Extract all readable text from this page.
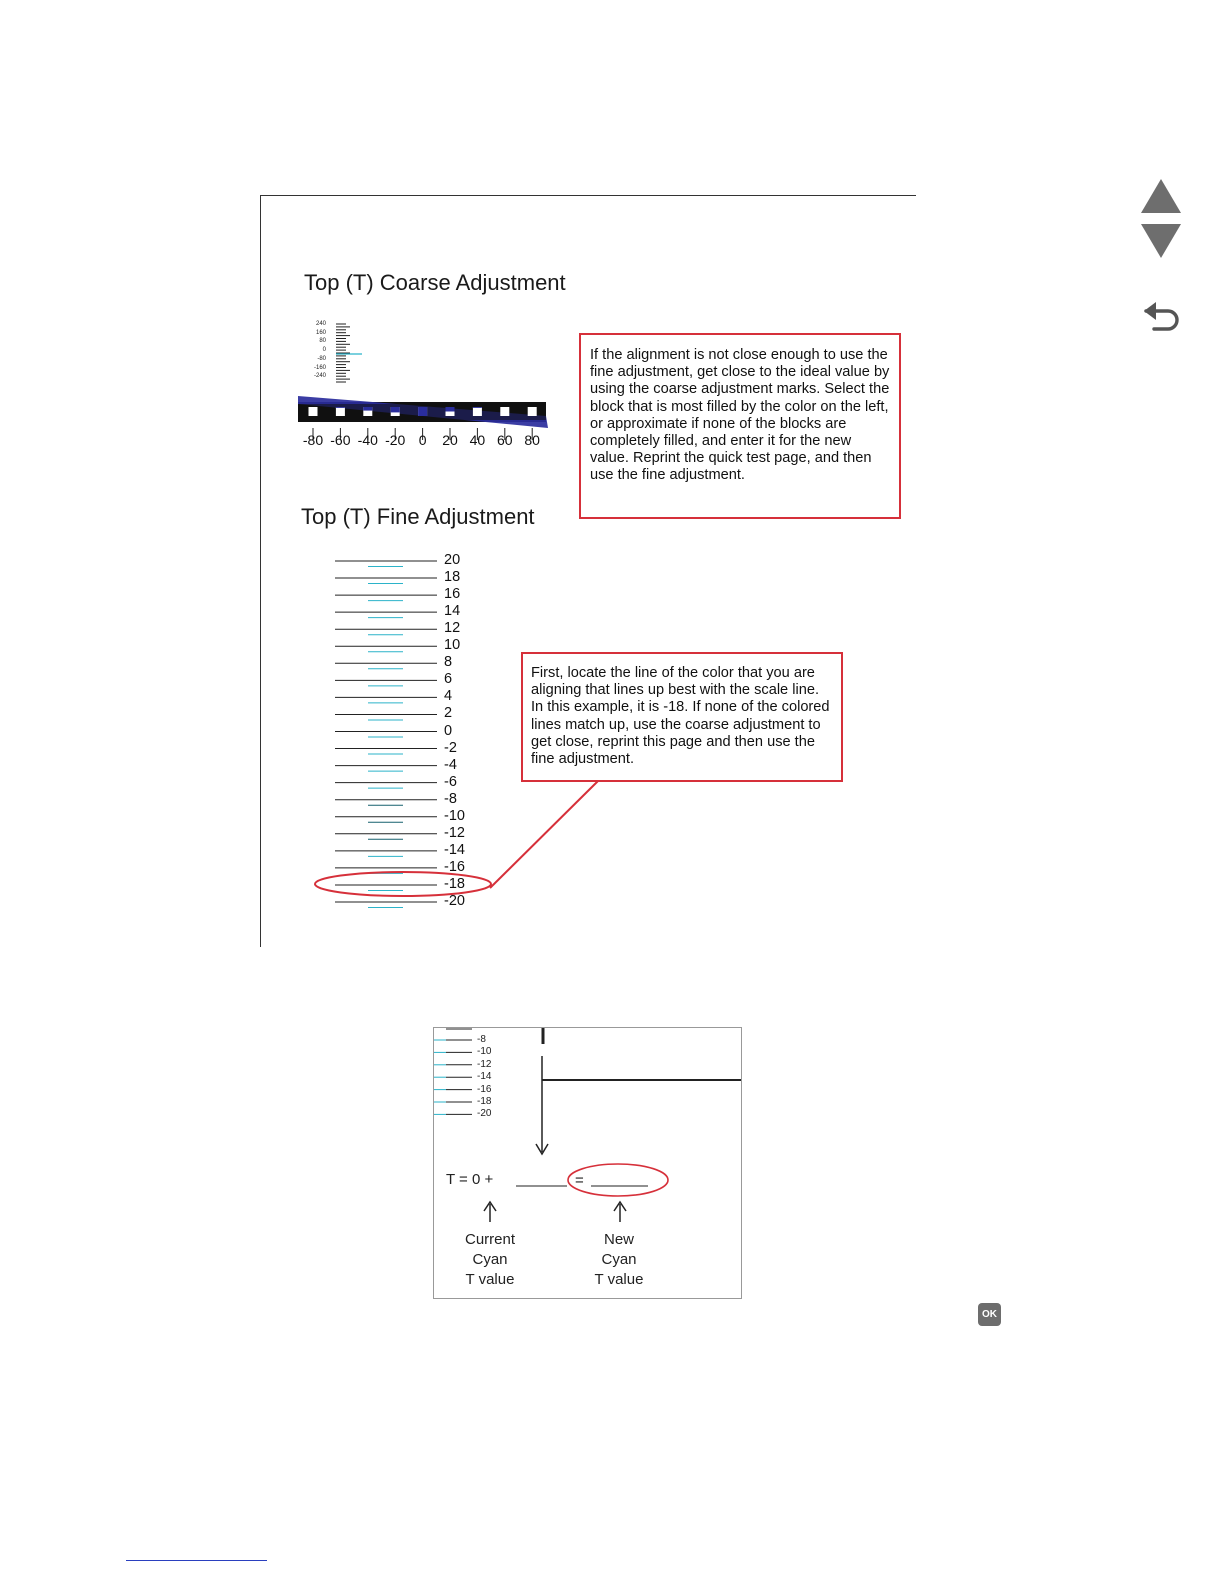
Top (T) Coarse Adjustment
240
160
80
0
-80
-160
-240
-80 -60 -40 -20 0	20 40 60 80

If the alignment is not close enough to use the fine adjustment, get close to the ideal value by using the coarse adjustment marks. Select the block that is most filled by the color on the left, or approximate if none of the blocks are completely filled, and enter it for the new value. Reprint the quick test page, and then use the fine adjustment.

Top (T) Fine Adjustment
20
18
16
14
12
10
8
6
4
2
0
-2
-4
-6
-8
-10
-12
-14
-16
-18
-20

First, locate the line of the color that you are aligning that lines up best with the scale line. In this example, it is -18. If none of the colored lines match up, use the coarse adjustment to get close, reprint this page and then use the fine adjustment.

-8
-10
-12
-14
-16
-18
-20
T = 0 +	=
Current
Cyan
T value
New
Cyan
T value
OK
